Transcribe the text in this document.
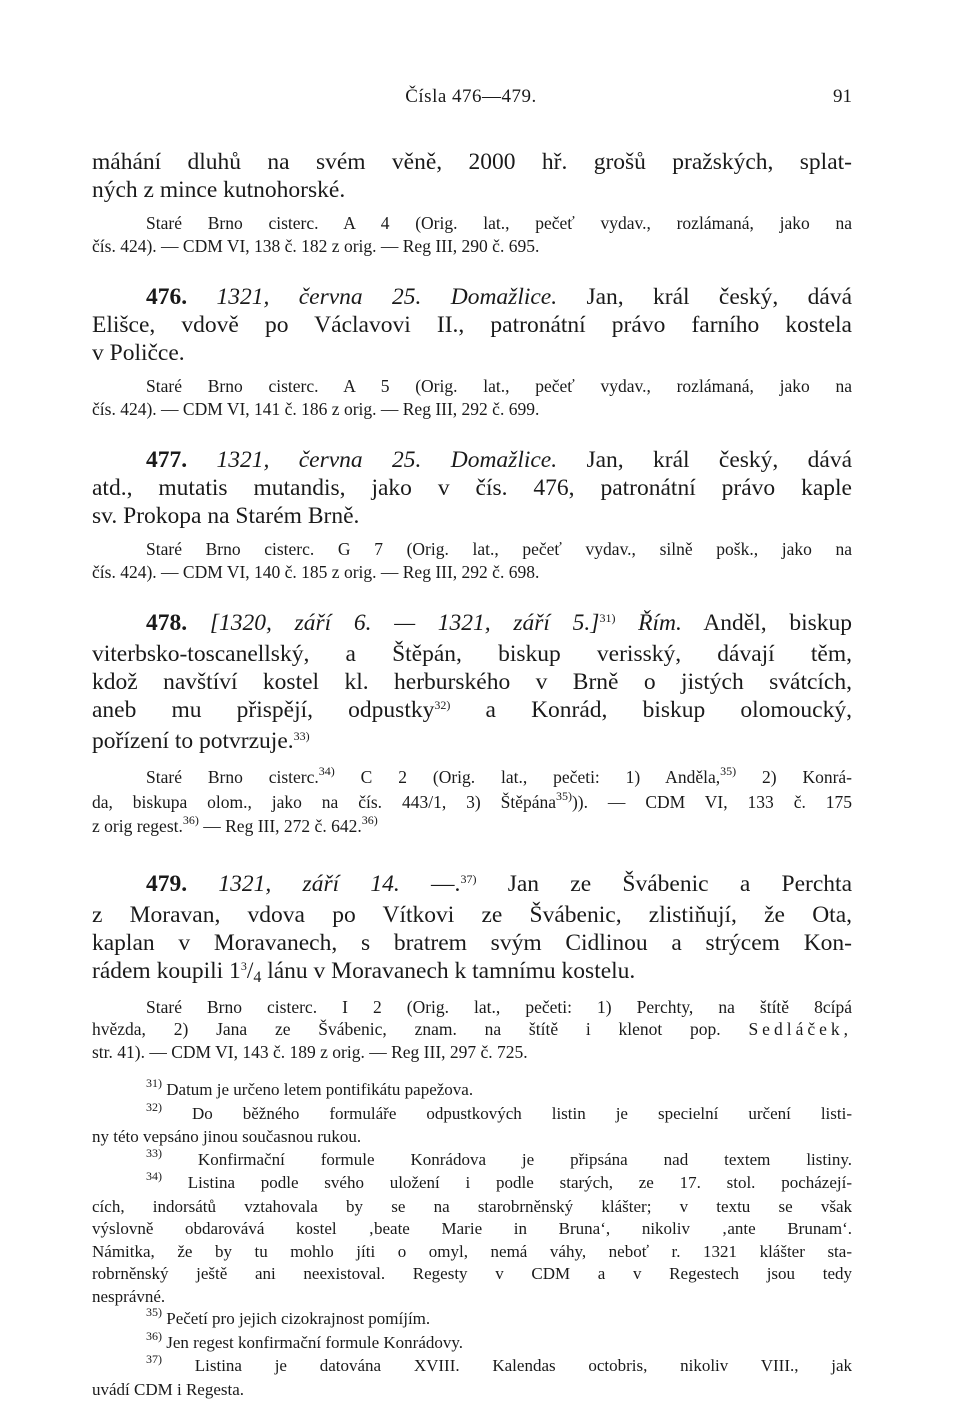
Čísla 476—479.	91
máhání dluhů na svém věně, 2000 hř. grošů pražských, splat-
ných z mince kutnohorské.
Staré Brno cisterc. A 4 (Orig. lat., pečeť vydav., rozlámaná, jako na
čís. 424). — CDM VI, 138 č. 182 z orig. — Reg III, 290 č. 695.
476. 1321, června 25. Domažlice. Jan, král český, dává
Elišce, vdově po Václavovi II., patronátní právo farního kostela
v Poličce.
Staré Brno cisterc. A 5 (Orig. lat., pečeť vydav., rozlámaná, jako na
čís. 424). — CDM VI, 141 č. 186 z orig. — Reg III, 292 č. 699.
477. 1321, června 25. Domažlice. Jan, král český, dává
atd., mutatis mutandis, jako v čís. 476, patronátní právo kaple
sv. Prokopa na Starém Brně.
Staré Brno cisterc. G 7 (Orig. lat., pečeť vydav., silně pošk., jako na
čís. 424). — CDM VI, 140 č. 185 z orig. — Reg III, 292 č. 698.
478. [1320, září 6. — 1321, září 5.]$^{31)}$ Řím. Anděl, biskup
viterbsko-toscanellský, a Štěpán, biskup verisský, dávají těm,
kdož navštíví kostel kl. herburského v Brně o jistých svátcích,
aneb mu přispějí, odpustky$^{32)}$ a Konrád, biskup olomoucký,
pořízení to potvrzuje.$^{33)}$
Staré Brno cisterc.$^{34)}$ C 2 (Orig. lat., pečeti: 1) Anděla,$^{35)}$ 2) Konrá-
da, biskupa olom., jako na čís. 443/1, 3) Štěpána$^{35)}$)). — CDM VI, 133 č. 175
z orig regest.$^{36)}$ — Reg III, 272 č. 642.$^{36)}$
479. 1321, září 14. —.$^{37)}$ Jan ze Švábenic a Perchta
z Moravan, vdova po Vítkovi ze Švábenic, zlistiňují, že Ota,
kaplan v Moravanech, s bratrem svým Cidlinou a strýcem Kon-
rádem koupili $1^3/4$ lánu v Moravanech k tamnímu kostelu.
Staré Brno cisterc. I 2 (Orig. lat., pečeti: 1) Perchty, na štítě 8cípá
hvězda, 2) Jana ze Švábenic, znam. na štítě i klenot pop. Sedláček,
str. 41). — CDM VI, 143 č. 189 z orig. — Reg III, 297 č. 725.
$^{31)}$ Datum je určeno letem pontifikátu papežova.
$^{32)}$ Do běžného formuláře odpustkových listin je specielní určení listi-
ny této vepsáno jinou současnou rukou.
$^{33)}$ Konfirmační formule Konrádova je připsána nad textem listiny.
$^{34)}$ Listina podle svého uložení i podle starých, ze 17. stol. pocházejí-
cích, indorsátů vztahovala by se na starobrněnský klášter; v textu se však
výslovně obdarovává kostel ‚beate Marie in Bruna‘, nikoliv ‚ante Brunam‘.
Námitka, že by tu mohlo jíti o omyl, nemá váhy, neboť r. 1321 klášter sta-
robrněnský ještě ani neexistoval. Regesty v CDM a v Regestech jsou tedy
nesprávné.
$^{35)}$ Pečetí pro jejich cizokrajnost pomíjím.
$^{36)}$ Jen regest konfirmační formule Konrádovy.
$^{37)}$ Listina je datována XVIII. Kalendas octobris, nikoliv VIII., jak
uvádí CDM i Regesta.
